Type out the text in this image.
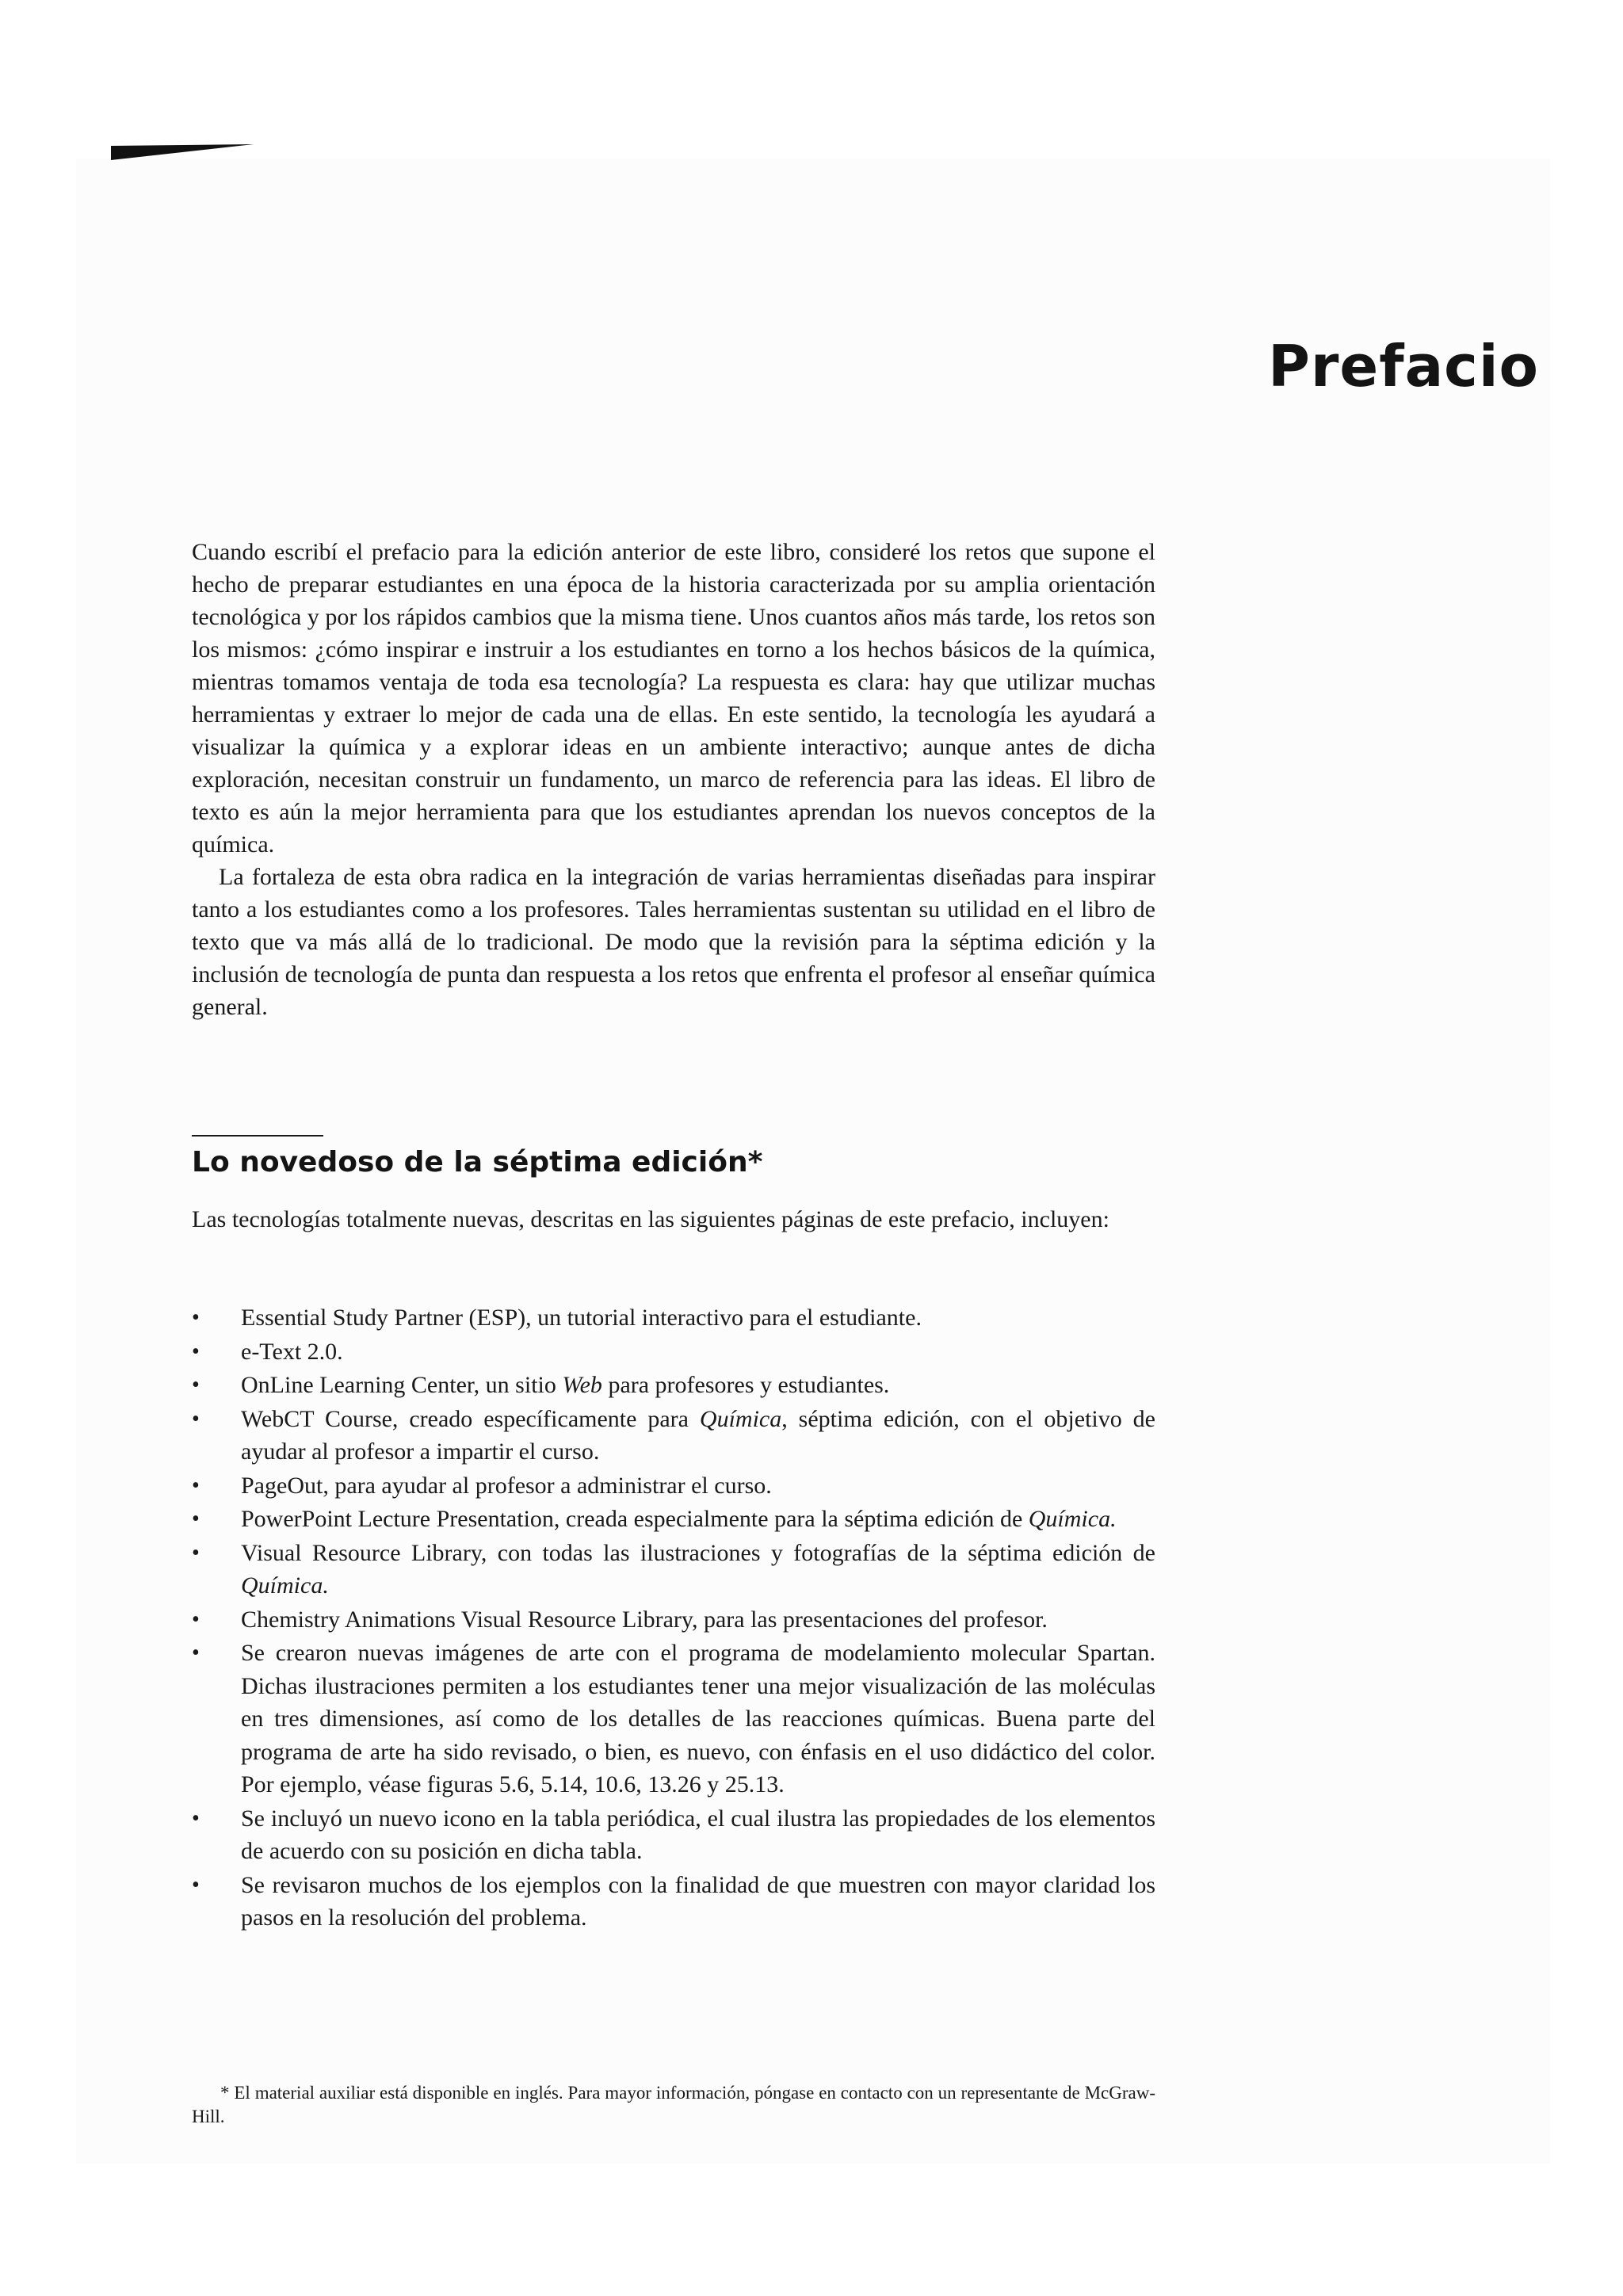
Prefacio

Cuando escribí el prefacio para la edición anterior de este libro, consideré los retos que supone el hecho de preparar estudiantes en una época de la historia caracterizada por su amplia orientación tecnológica y por los rápidos cambios que la misma tiene. Unos cuantos años más tarde, los retos son los mismos: ¿cómo inspirar e instruir a los estudiantes en torno a los hechos básicos de la química, mientras tomamos ventaja de toda esa tecnología? La respuesta es clara: hay que utilizar muchas herramientas y extraer lo mejor de cada una de ellas. En este sentido, la tecnología les ayudará a visualizar la química y a explorar ideas en un ambiente interactivo; aunque antes de dicha exploración, necesitan construir un fundamento, un marco de referencia para las ideas. El libro de texto es aún la mejor herramienta para que los estudiantes aprendan los nuevos conceptos de la química.

La fortaleza de esta obra radica en la integración de varias herramientas diseñadas para inspirar tanto a los estudiantes como a los profesores. Tales herramientas sustentan su utilidad en el libro de texto que va más allá de lo tradicional. De modo que la revisión para la séptima edición y la inclusión de tecnología de punta dan respuesta a los retos que enfrenta el profesor al enseñar química general.

Lo novedoso de la séptima edición*

Las tecnologías totalmente nuevas, descritas en las siguientes páginas de este prefacio, incluyen:

• Essential Study Partner (ESP), un tutorial interactivo para el estudiante.
• e-Text 2.0.
• OnLine Learning Center, un sitio Web para profesores y estudiantes.
• WebCT Course, creado específicamente para Química, séptima edición, con el objetivo de ayudar al profesor a impartir el curso.
• PageOut, para ayudar al profesor a administrar el curso.
• PowerPoint Lecture Presentation, creada especialmente para la séptima edición de Química.
• Visual Resource Library, con todas las ilustraciones y fotografías de la séptima edición de Química.
• Chemistry Animations Visual Resource Library, para las presentaciones del profesor.
• Se crearon nuevas imágenes de arte con el programa de modelamiento molecular Spartan. Dichas ilustraciones permiten a los estudiantes tener una mejor visualización de las moléculas en tres dimensiones, así como de los detalles de las reacciones químicas. Buena parte del programa de arte ha sido revisado, o bien, es nuevo, con énfasis en el uso didáctico del color. Por ejemplo, véase figuras 5.6, 5.14, 10.6, 13.26 y 25.13.
• Se incluyó un nuevo icono en la tabla periódica, el cual ilustra las propiedades de los elementos de acuerdo con su posición en dicha tabla.
• Se revisaron muchos de los ejemplos con la finalidad de que muestren con mayor claridad los pasos en la resolución del problema.

* El material auxiliar está disponible en inglés. Para mayor información, póngase en contacto con un representante de McGraw-Hill.
